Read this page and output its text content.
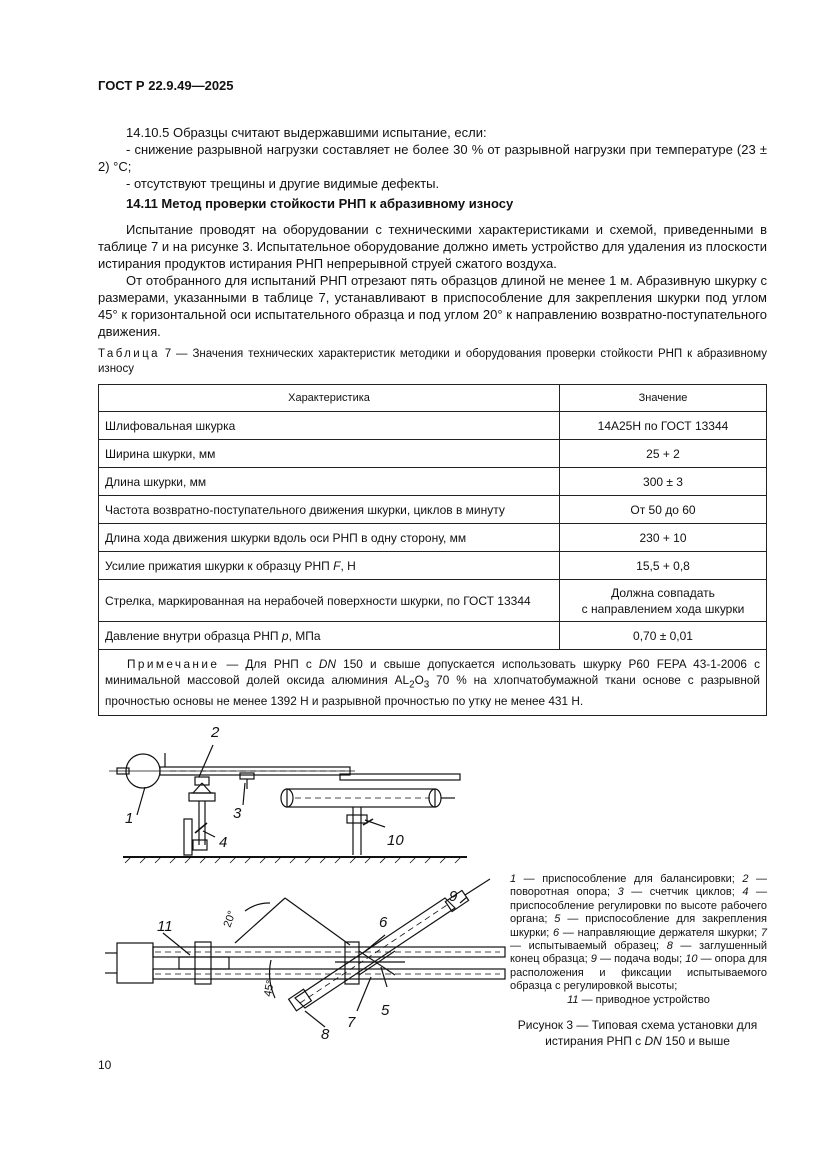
ГОСТ Р 22.9.49—2025

14.10.5 Образцы считают выдержавшими испытание, если:

- снижение разрывной нагрузки составляет не более 30 % от разрывной нагрузки при температуре (23 ± 2) °С;

- отсутствуют трещины и другие видимые дефекты.

14.11 Метод проверки стойкости РНП к абразивному износу

Испытание проводят на оборудовании с техническими характеристиками и схемой, приведенными в таблице 7 и на рисунке 3. Испытательное оборудование должно иметь устройство для удаления из плоскости истирания продуктов истирания РНП непрерывной струей сжатого воздуха.

От отобранного для испытаний РНП отрезают пять образцов длиной не менее 1 м. Абразивную шкурку с размерами, указанными в таблице 7, устанавливают в приспособление для закрепления шкурки под углом 45° к горизонтальной оси испытательного образца и под углом 20° к направлению возвратно-поступательного движения.

Таблица 7 — Значения технических характеристик методики и оборудования проверки стойкости РНП к абразивному износу
Характеристика	Значение
Шлифовальная шкурка	14А25Н по ГОСТ 13344
Ширина шкурки, мм	25 + 2
Длина шкурки, мм	300 ± 3
Частота возвратно-поступательного движения шкурки, циклов в минуту	От 50 до 60
Длина хода движения шкурки вдоль оси РНП в одну сторону, мм	230 + 10
Усилие прижатия шкурки к образцу РНП F, Н	15,5 + 0,8
Стрелка, маркированная на нерабочей поверхности шкурки, по ГОСТ 13344	Должна совпадать
с направлением хода шкурки

Давление внутри образца РНП р, МПа	0,70 ± 0,01
Примечание — Для РНП с DN 150 и свыше допускается использовать шкурку Р60 FEPA 43-1-2006 с минимальной массовой долей оксида алюминия $AL_2O_3$ 70 % на хлопчатобумажной ткани основе с разрывной прочностью основы не менее 1392 Н и разрывной прочностью по утку не менее 431 Н.	
1
2
3
4	10
11	6
9
5
7
8
20°
45°
1 — приспособление для балансировки; 2 — поворотная опора; 3 — счетчик циклов; 4 — приспособление регулировки по высоте рабочего органа; 5 — приспособление для закрепления шкурки; 6 — направляющие держателя шкурки; 7 — испытываемый образец; 8 — заглушенный конец образца; 9 — подача воды; 10 — опора для расположения и фиксации испытываемого образца с регулировкой высоты;
11 — приводное устройство
Рисунок 3 — Типовая схема установки для
истирания РНП с DN 150 и выше
10
